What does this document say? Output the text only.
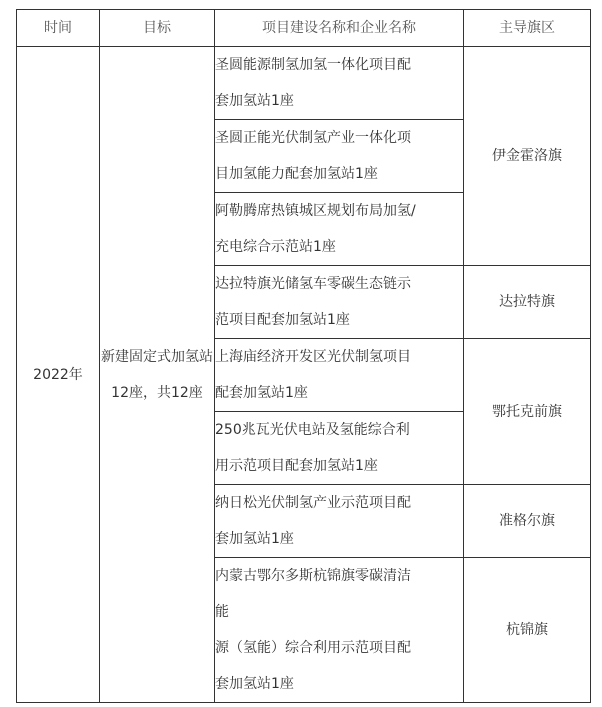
时间	目标	项目建设名称和企业名称	主导旗区
2022年	新建固定式加氢站12座，共12座	圣圆能源制氢加氢一体化项目配
套加氢站1座	伊金霍洛旗

		圣圆正能光伏制氢产业一体化项
目加氢能力配套加氢站1座	

		阿勒腾席热镇城区规划布局加氢/
充电综合示范站1座	

		达拉特旗光储氢车零碳生态链示
范项目配套加氢站1座	达拉特旗

		上海庙经济开发区光伏制氢项目
配套加氢站1座	鄂托克前旗

		250兆瓦光伏电站及氢能综合利
用示范项目配套加氢站1座	

		纳日松光伏制氢产业示范项目配
套加氢站1座	准格尔旗

		内蒙古鄂尔多斯杭锦旗零碳清洁
能
源（氢能）综合利用示范项目配
套加氢站1座	杭锦旗
